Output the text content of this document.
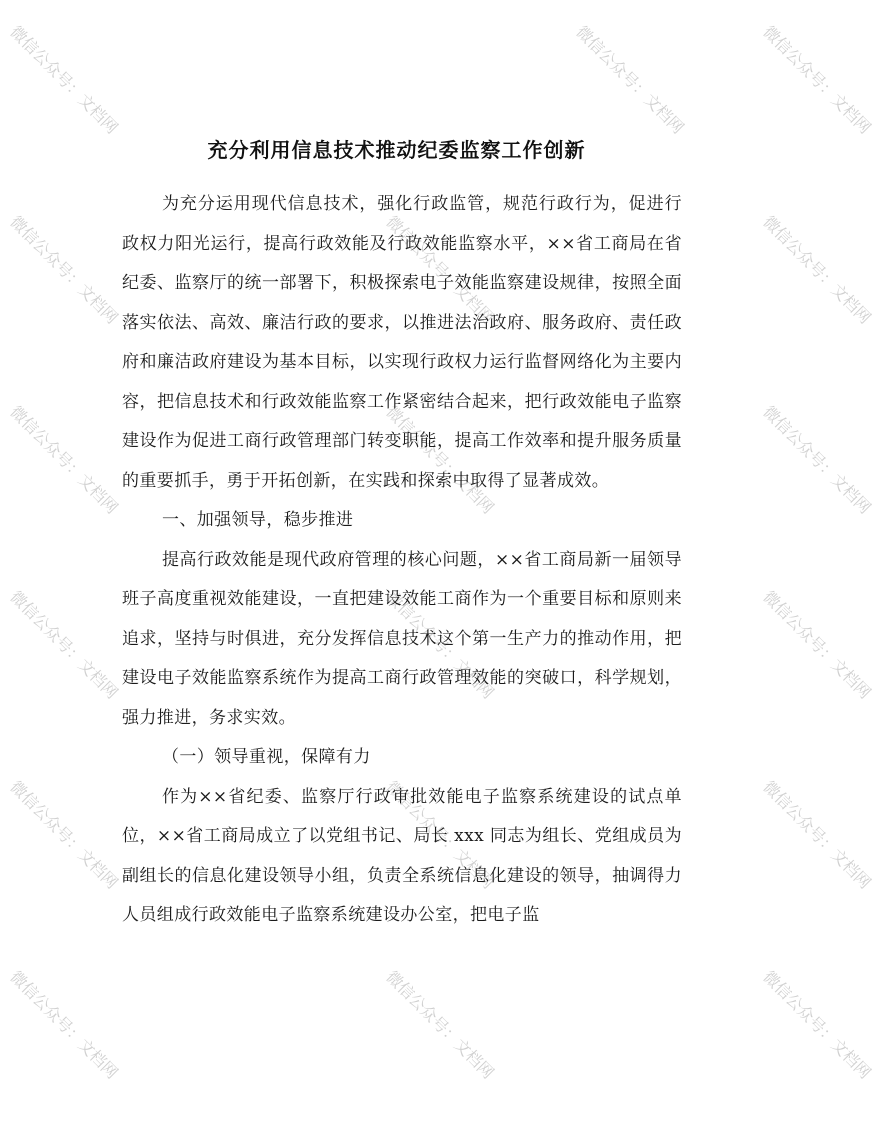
微信公众号：文档网	微信公众号：文档网	微信公众号：文档网
微信公众号：文档网	微信公众号：文档网	微信公众号：文档网
微信公众号：文档网	微信公众号：文档网	微信公众号：文档网
微信公众号：文档网	微信公众号：文档网	微信公众号：文档网
微信公众号：文档网	微信公众号：文档网	微信公众号：文档网
微信公众号：文档网	微信公众号：文档网	微信公众号：文档网
充分利用信息技术推动纪委监察工作创新

为充分运用现代信息技术，强化行政监管，规范行政行为，促进行政权力阳光运行，提高行政效能及行政效能监察水平，××省工商局在省纪委、监察厅的统一部署下，积极探索电子效能监察建设规律，按照全面落实依法、高效、廉洁行政的要求，以推进法治政府、服务政府、责任政府和廉洁政府建设为基本目标，以实现行政权力运行监督网络化为主要内容，把信息技术和行政效能监察工作紧密结合起来，把行政效能电子监察建设作为促进工商行政管理部门转变职能，提高工作效率和提升服务质量的重要抓手，勇于开拓创新，在实践和探索中取得了显著成效。

一、加强领导，稳步推进

提高行政效能是现代政府管理的核心问题，××省工商局新一届领导班子高度重视效能建设，一直把建设效能工商作为一个重要目标和原则来追求，坚持与时俱进，充分发挥信息技术这个第一生产力的推动作用，把建设电子效能监察系统作为提高工商行政管理效能的突破口，科学规划，强力推进，务求实效。

（一）领导重视，保障有力

作为××省纪委、监察厅行政审批效能电子监察系统建设的试点单位，××省工商局成立了以党组书记、局长 xxx 同志为组长、党组成员为副组长的信息化建设领导小组，负责全系统信息化建设的领导，抽调得力人员组成行政效能电子监察系统建设办公室，把电子监
